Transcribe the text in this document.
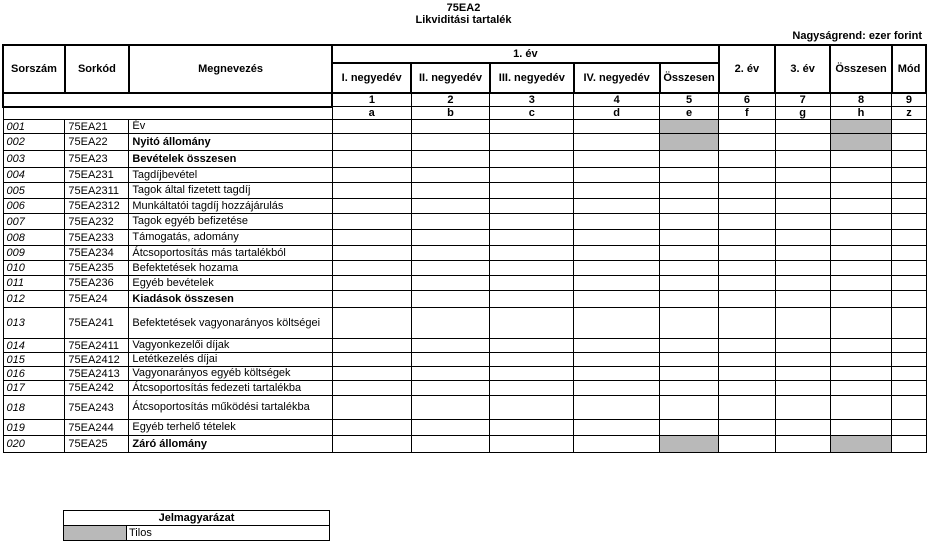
75EA2
Likviditási tartalék
Nagyságrend: ezer forint
Sorszám	Sorkód	Megnevezés	1. év					2. év	3. év	Összesen	Mód
			I. negyedév	II. negyedév	III. negyedév	IV. negyedév	Összesen				
			1	2	3	4	5	6	7	8	9
			a	b	c	d	e	f	g	h	z
001	75EA21	Év									
002	75EA22	Nyitó állomány									
003	75EA23	Bevételek összesen									
004	75EA231	Tagdíjbevétel									
005	75EA2311	Tagok által fizetett tagdíj									
006	75EA2312	Munkáltatói tagdíj hozzájárulás									
007	75EA232	Tagok egyéb befizetése									
008	75EA233	Támogatás, adomány									
009	75EA234	Átcsoportosítás más tartalékból									
010	75EA235	Befektetések hozama									
011	75EA236	Egyéb bevételek									
012	75EA24	Kiadások összesen									
013	75EA241	Befektetések vagyonarányos költségei									
014	75EA2411	Vagyonkezelői díjak									
015	75EA2412	Letétkezelés díjai									
016	75EA2413	Vagyonarányos egyéb költségek									
017	75EA242	Átcsoportosítás fedezeti tartalékba									
018	75EA243	Átcsoportosítás működési tartalékba									
019	75EA244	Egyéb terhelő tételek									
020	75EA25	Záró állomány									
Jelmagyarázat
	Tilos
